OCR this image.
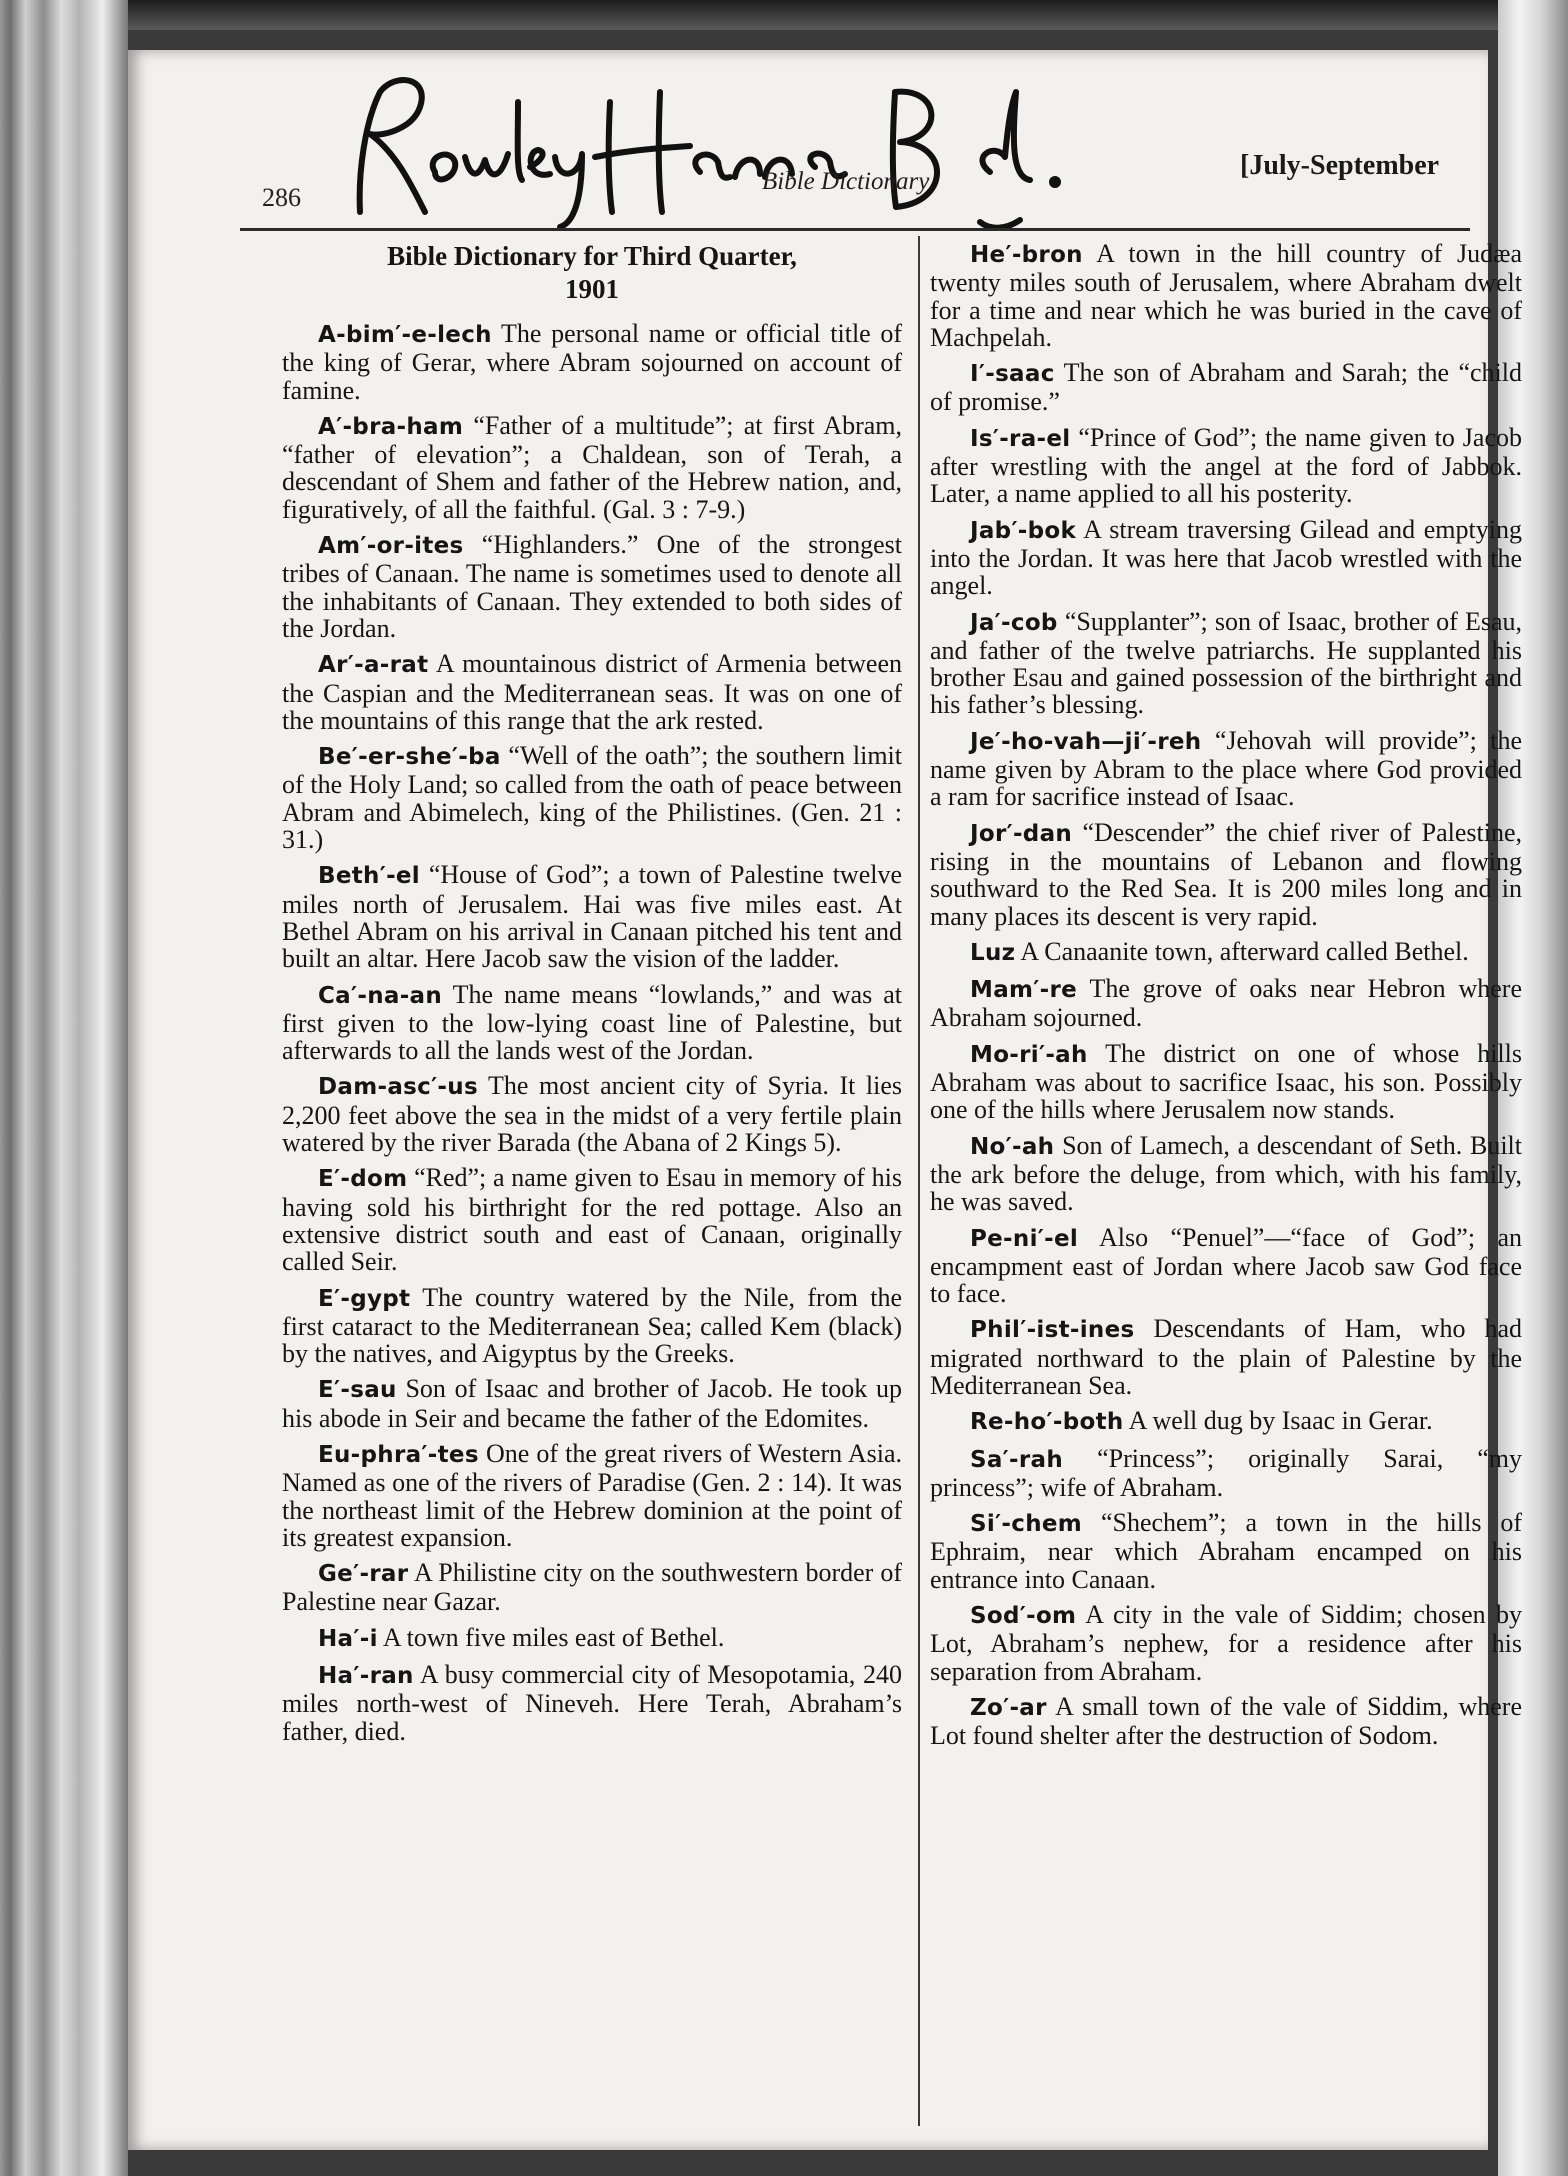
286
Bible Dictionary
[July-September
Bible Dictionary for Third Quarter,
1901

A-bim′-e-lech The personal name or official title of the king of Gerar, where Abram sojourned on account of famine.

A′-bra-ham “Father of a multitude”; at first Abram, “father of elevation”; a Chaldean, son of Terah, a descendant of Shem and father of the Hebrew nation, and, figuratively, of all the faithful. (Gal. 3 : 7-9.)

Am′-or-ites “Highlanders.” One of the strongest tribes of Canaan. The name is sometimes used to denote all the inhabitants of Canaan. They extended to both sides of the Jordan.

Ar′-a-rat A mountainous district of Armenia between the Caspian and the Mediterranean seas. It was on one of the mountains of this range that the ark rested.

Be′-er-she′-ba “Well of the oath”; the southern limit of the Holy Land; so called from the oath of peace between Abram and Abimelech, king of the Philistines. (Gen. 21 : 31.)

Beth′-el “House of God”; a town of Palestine twelve miles north of Jerusalem. Hai was five miles east. At Bethel Abram on his arrival in Canaan pitched his tent and built an altar. Here Jacob saw the vision of the ladder.

Ca′-na-an The name means “lowlands,” and was at first given to the low-lying coast line of Palestine, but afterwards to all the lands west of the Jordan.

Dam-asc′-us The most ancient city of Syria. It lies 2,200 feet above the sea in the midst of a very fertile plain watered by the river Barada (the Abana of 2 Kings 5).

E′-dom “Red”; a name given to Esau in memory of his having sold his birthright for the red pottage. Also an extensive district south and east of Canaan, originally called Seir.

E′-gypt The country watered by the Nile, from the first cataract to the Mediterranean Sea; called Kem (black) by the natives, and Aigyptus by the Greeks.

E′-sau Son of Isaac and brother of Jacob. He took up his abode in Seir and became the father of the Edomites.

Eu-phra′-tes One of the great rivers of Western Asia. Named as one of the rivers of Paradise (Gen. 2 : 14). It was the northeast limit of the Hebrew dominion at the point of its greatest expansion.

Ge′-rar A Philistine city on the southwestern border of Palestine near Gazar.

Ha′-i A town five miles east of Bethel.

Ha′-ran A busy commercial city of Mesopotamia, 240 miles north-west of Nineveh. Here Terah, Abraham’s father, died.

He′-bron A town in the hill country of Judæa twenty miles south of Jerusalem, where Abraham dwelt for a time and near which he was buried in the cave of Machpelah.

I′-saac The son of Abraham and Sarah; the “child of promise.”

Is′-ra-el “Prince of God”; the name given to Jacob after wrestling with the angel at the ford of Jabbok. Later, a name applied to all his posterity.

Jab′-bok A stream traversing Gilead and emptying into the Jordan. It was here that Jacob wrestled with the angel.

Ja′-cob “Supplanter”; son of Isaac, brother of Esau, and father of the twelve patriarchs. He supplanted his brother Esau and gained possession of the birthright and his father’s blessing.

Je′-ho-vah—ji′-reh “Jehovah will provide”; the name given by Abram to the place where God provided a ram for sacrifice instead of Isaac.

Jor′-dan “Descender” the chief river of Palestine, rising in the mountains of Lebanon and flowing southward to the Red Sea. It is 200 miles long and in many places its descent is very rapid.

Luz A Canaanite town, afterward called Bethel.

Mam′-re The grove of oaks near Hebron where Abraham sojourned.

Mo-ri′-ah The district on one of whose hills Abraham was about to sacrifice Isaac, his son. Possibly one of the hills where Jerusalem now stands.

No′-ah Son of Lamech, a descendant of Seth. Built the ark before the deluge, from which, with his family, he was saved.

Pe-ni′-el Also “Penuel”—“face of God”; an encampment east of Jordan where Jacob saw God face to face.

Phil′-ist-ines Descendants of Ham, who had migrated northward to the plain of Palestine by the Mediterranean Sea.

Re-ho′-both A well dug by Isaac in Gerar.

Sa′-rah “Princess”; originally Sarai, “my princess”; wife of Abraham.

Si′-chem “Shechem”; a town in the hills of Ephraim, near which Abraham encamped on his entrance into Canaan.

Sod′-om A city in the vale of Siddim; chosen by Lot, Abraham’s nephew, for a residence after his separation from Abraham.

Zo′-ar A small town of the vale of Siddim, where Lot found shelter after the destruction of Sodom.
